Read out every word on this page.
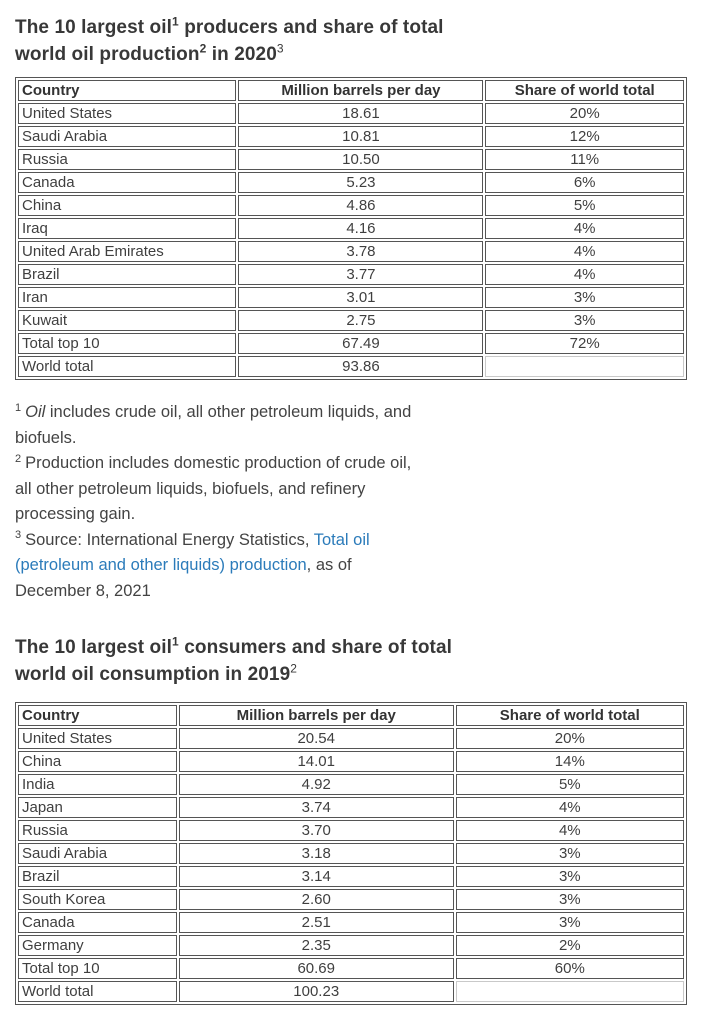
The 10 largest oil$^1$ producers and share of total
world oil production$^2$ in 2020$^3$
Country	Million barrels per day	Share of world total
United States	18.61	20%
Saudi Arabia	10.81	12%
Russia	10.50	11%
Canada	5.23	6%
China	4.86	5%
Iraq	4.16	4%
United Arab Emirates	3.78	4%
Brazil	3.77	4%
Iran	3.01	3%
Kuwait	2.75	3%
Total top 10	67.49	72%
World total	93.86	

$^1$ Oil includes crude oil, all other petroleum liquids, and
biofuels.

$^2$ Production includes domestic production of crude oil,
all other petroleum liquids, biofuels, and refinery
processing gain.

$^3$ Source: International Energy Statistics, Total oil
(petroleum and other liquids) production, as of
December 8, 2021

The 10 largest oil$^1$ consumers and share of total
world oil consumption in 2019$^2$
Country	Million barrels per day	Share of world total
United States	20.54	20%
China	14.01	14%
India	4.92	5%
Japan	3.74	4%
Russia	3.70	4%
Saudi Arabia	3.18	3%
Brazil	3.14	3%
South Korea	2.60	3%
Canada	2.51	3%
Germany	2.35	2%
Total top 10	60.69	60%
World total	100.23	
